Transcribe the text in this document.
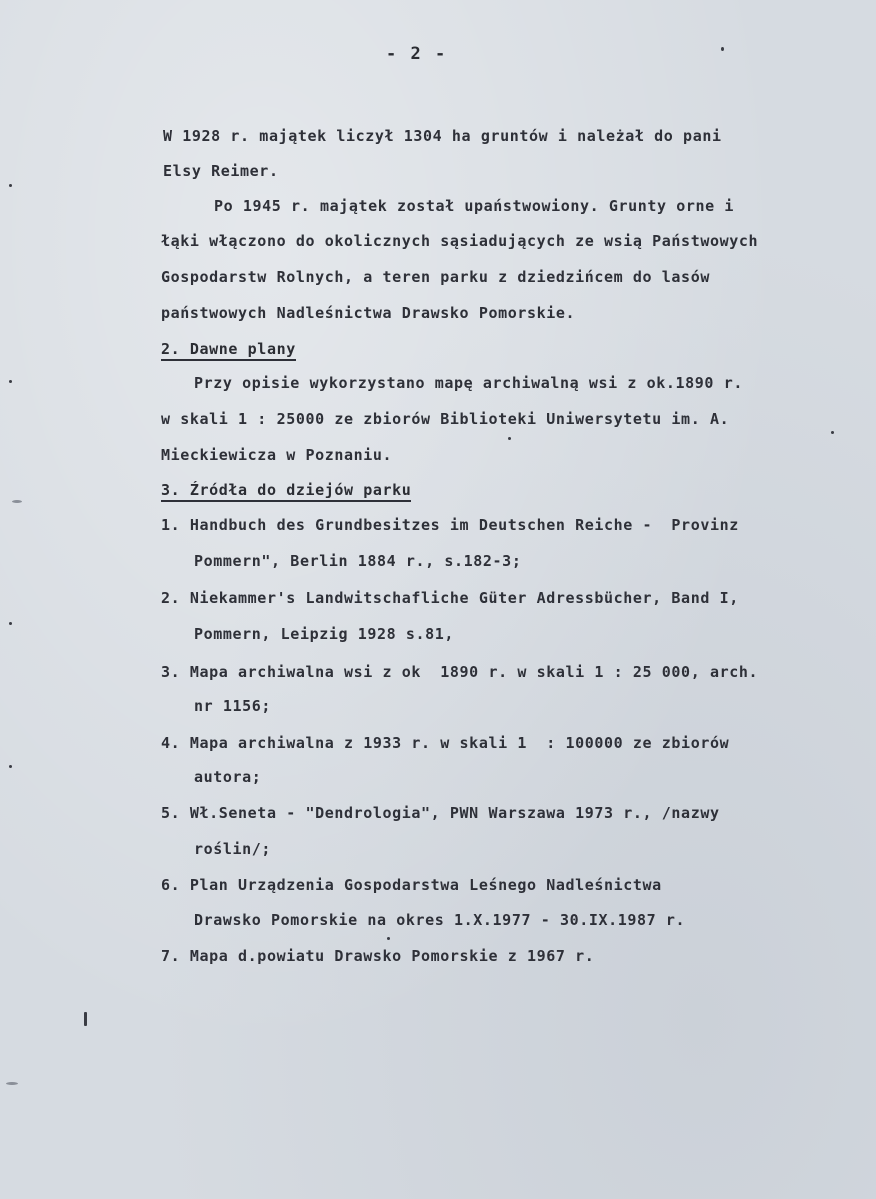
- 2 -
W 1928 r. majątek liczył 1304 ha gruntów i należał do pani
Elsy Reimer.
Po 1945 r. majątek został upaństwowiony. Grunty orne i
łąki włączono do okolicznych sąsiadujących ze wsią Państwowych
Gospodarstw Rolnych, a teren parku z dziedzińcem do lasów
państwowych Nadleśnictwa Drawsko Pomorskie.
2. Dawne plany
Przy opisie wykorzystano mapę archiwalną wsi z ok.1890 r.
w skali 1 : 25000 ze zbiorów Biblioteki Uniwersytetu im. A.
Mieckiewicza w Poznaniu.
3. Źródła do dziejów parku
1. Handbuch des Grundbesitzes im Deutschen Reiche -  Provinz
Pommern", Berlin 1884 r., s.182-3;
2. Niekammer's Landwitschafliche Güter Adressbücher, Band I,
Pommern, Leipzig 1928 s.81,
3. Mapa archiwalna wsi z ok  1890 r. w skali 1 : 25 000, arch.
nr 1156;
4. Mapa archiwalna z 1933 r. w skali 1  : 100000 ze zbiorów
autora;
5. Wł.Seneta - "Dendrologia", PWN Warszawa 1973 r., /nazwy
roślin/;
6. Plan Urządzenia Gospodarstwa Leśnego Nadleśnictwa
Drawsko Pomorskie na okres 1.X.1977 - 30.IX.1987 r.
7. Mapa d.powiatu Drawsko Pomorskie z 1967 r.
